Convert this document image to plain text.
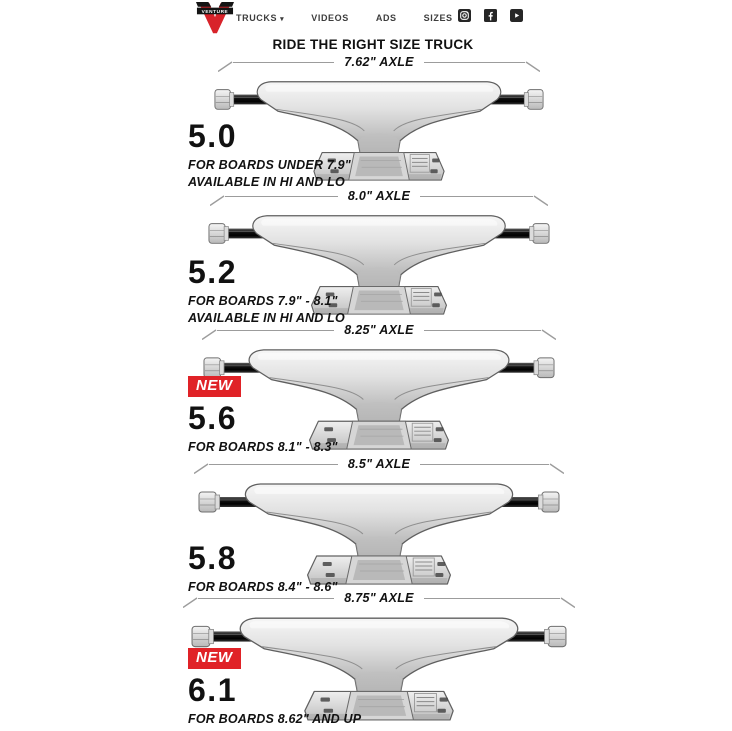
VENTURE
TRUCKS ▾	VIDEOS	ADS	SIZES
RIDE THE RIGHT SIZE TRUCK
7.62" AXLE
5.0
FOR BOARDS UNDER 7.9"
AVAILABLE IN HI AND LO
8.0" AXLE
5.2
FOR BOARDS 7.9" - 8.1"
AVAILABLE IN HI AND LO
8.25" AXLE
NEW
5.6
FOR BOARDS 8.1" - 8.3"
8.5" AXLE
5.8
FOR BOARDS 8.4" - 8.6"
8.75" AXLE
NEW
6.1
FOR BOARDS 8.62" AND UP
